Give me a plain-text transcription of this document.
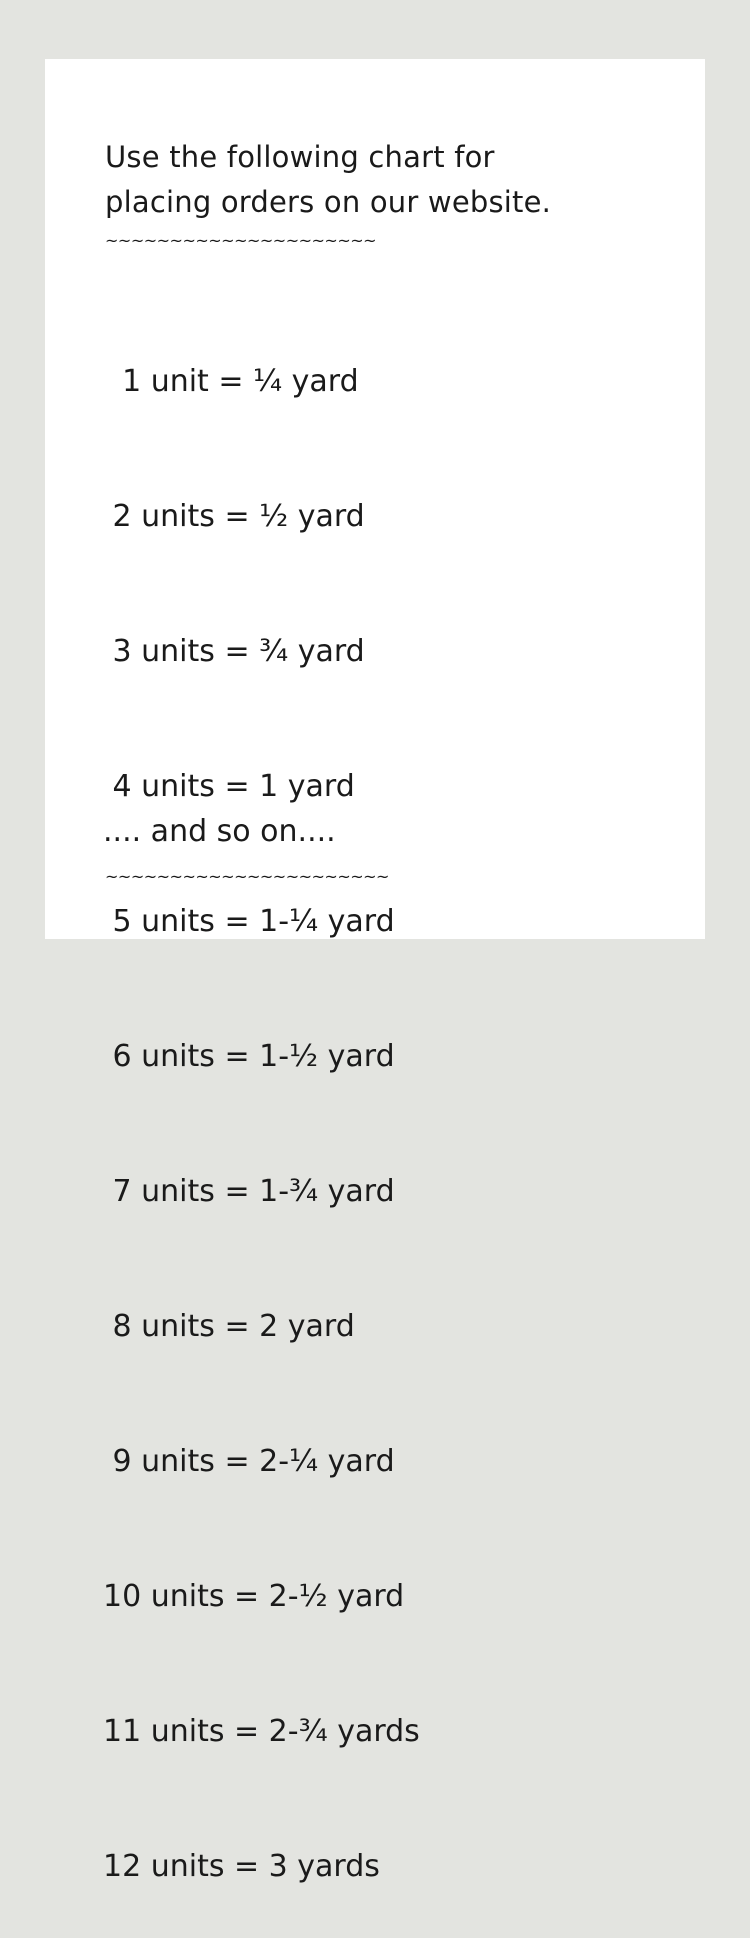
Use the following chart for
placing orders on our website.
~~~~~~~~~~~~~~~~~~~~~

1 unit = ¼ yard

2 units = ½ yard

3 units = ¾ yard

4 units = 1 yard

5 units = 1-¼ yard

6 units = 1-½ yard

7 units = 1-¾ yard

8 units = 2 yard

9 units = 2-¼ yard

10 units = 2-½ yard

11 units = 2-¾ yards

12 units = 3 yards

.... and so on....

~~~~~~~~~~~~~~~~~~~~~~
